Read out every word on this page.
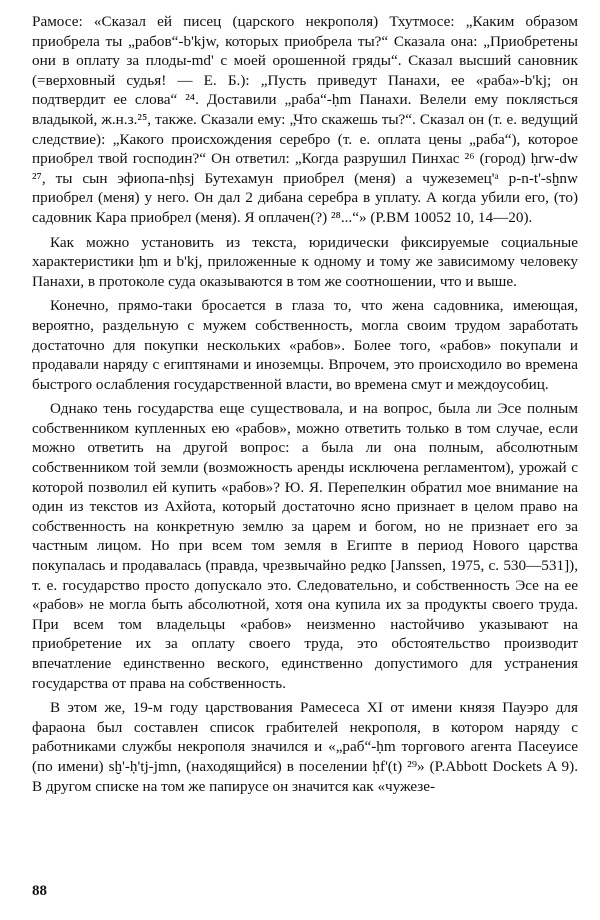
Рамосе: «Сказал ей писец (царского некрополя) Тхутмосе: „Каким образом приобрела ты „рабов“-b'kjw, которых приобрела ты?“ Сказала она: „Приобретены они в оплату за плоды-md' с моей орошенной гряды“. Сказал высший сановник (=верховный судья! — Е. Б.): „Пусть приведут Панахи, ее «раба»-b'kj; он подтвердит ее слова“ ²⁴. Доставили „раба“-ḥm Панахи. Велели ему поклясться владыкой, ж.н.з.²⁵, также. Сказали ему: „Что скажешь ты?“. Сказал он (т. е. ведущий следствие): „Какого происхождения серебро (т. е. оплата цены „раба“), которое приобрел твой господин?“ Он ответил: „Когда разрушил Пинхас ²⁶ (город) ḥrw-dw ²⁷, ты сын эфиопа-nḥsj Бутехамун приобрел (меня) а чужеземец'ᵃ p-n-t'-sḫnw приобрел (меня) у него. Он дал 2 дибана серебра в уплату. А когда убили его, (то) садовник Кара приобрел (меня). Я оплачен(?) ²⁸...“» (P.BM 10052 10, 14—20).

Как можно установить из текста, юридически фиксируемые социальные характеристики ḥm и b'kj, приложенные к одному и тому же зависимому человеку Панахи, в протоколе суда оказываются в том же соотношении, что и выше.

Конечно, прямо-таки бросается в глаза то, что жена садовника, имеющая, вероятно, раздельную с мужем собственность, могла своим трудом заработать достаточно для покупки нескольких «рабов». Более того, «рабов» покупали и продавали наряду с египтянами и иноземцы. Впрочем, это происходило во времена быстрого ослабления государственной власти, во времена смут и междоусобиц.

Однако тень государства еще существовала, и на вопрос, была ли Эсе полным собственником купленных ею «рабов», можно ответить только в том случае, если можно ответить на другой вопрос: а была ли она полным, абсолютным собственником той земли (возможность аренды исключена регламентом), урожай с которой позволил ей купить «рабов»? Ю. Я. Перепелкин обратил мое внимание на один из текстов из Ахйота, который достаточно ясно признает в целом право на собственность на конкретную землю за царем и богом, но не признает его за частным лицом. Но при всем том земля в Египте в период Нового царства покупалась и продавалась (правда, чрезвычайно редко [Janssen, 1975, с. 530—531]), т. е. государство просто допускало это. Следовательно, и собственность Эсе на ее «рабов» не могла быть абсолютной, хотя она купила их за продукты своего труда. При всем том владельцы «рабов» неизменно настойчиво указывают на приобретение их за оплату своего труда, это обстоятельство производит впечатление единственно веского, единственно допустимого для устранения государства от права на собственность.

В этом же, 19-м году царствования Рамесеса XI от имени князя Пауэро для фараона был составлен список грабителей некрополя, в котором наряду с работниками службы некрополя значился и «„раб“-ḥm торгового агента Пасеуисе (по имени) sḫ'-ḥ'tj-jmn, (находящийся) в поселении ḥf'(t) ²⁹» (P.Abbott Dockets A 9). В другом списке на том же папирусе он значится как «чужезе-

88
